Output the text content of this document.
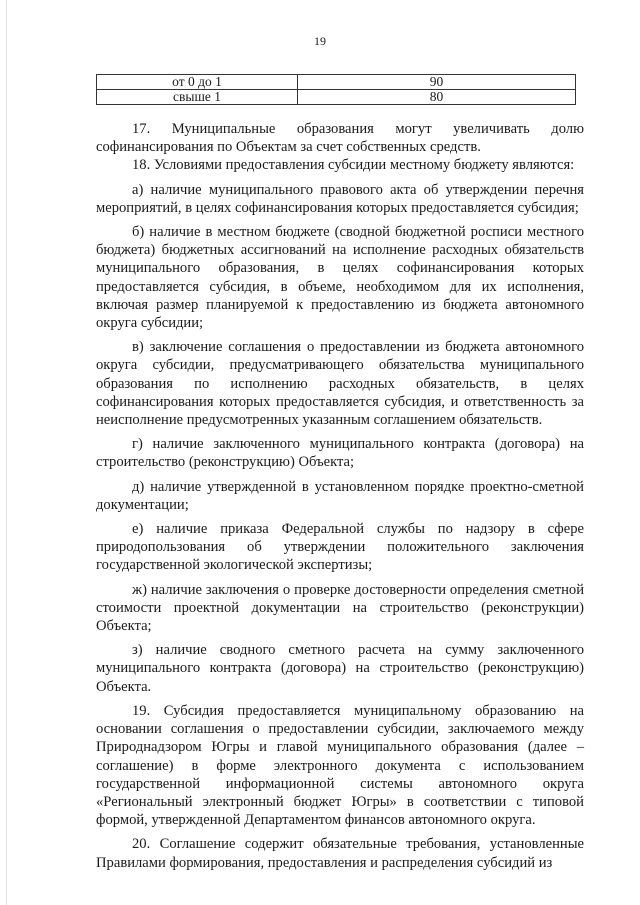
19
от 0 до 1	90
свыше 1	80

17. Муниципальные образования могут увеличивать долю софинансирования по Объектам за счет собственных средств.

18. Условиями предоставления субсидии местному бюджету являются:

а) наличие муниципального правового акта об утверждении перечня мероприятий, в целях софинансирования которых предоставляется субсидия;

б) наличие в местном бюджете (сводной бюджетной росписи местного бюджета) бюджетных ассигнований на исполнение расходных обязательств муниципального образования, в целях софинансирования которых предоставляется субсидия, в объеме, необходимом для их исполнения, включая размер планируемой к предоставлению из бюджета автономного округа субсидии;

в) заключение соглашения о предоставлении из бюджета автономного округа субсидии, предусматривающего обязательства муниципального образования по исполнению расходных обязательств, в целях софинансирования которых предоставляется субсидия, и ответственность за неисполнение предусмотренных указанным соглашением обязательств.

г) наличие заключенного муниципального контракта (договора) на строительство (реконструкцию) Объекта;

д) наличие утвержденной в установленном порядке проектно-сметной документации;

е) наличие приказа Федеральной службы по надзору в сфере природопользования об утверждении положительного заключения государственной экологической экспертизы;

ж) наличие заключения о проверке достоверности определения сметной стоимости проектной документации на строительство (реконструкции) Объекта;

з) наличие сводного сметного расчета на сумму заключенного муниципального контракта (договора) на строительство (реконструкцию) Объекта.

19. Субсидия предоставляется муниципальному образованию на основании соглашения о предоставлении субсидии, заключаемого между Природнадзором Югры и главой муниципального образования (далее – соглашение) в форме электронного документа с использованием государственной информационной системы автономного округа «Региональный электронный бюджет Югры» в соответствии с типовой формой, утвержденной Департаментом финансов автономного округа.

20. Соглашение содержит обязательные требования, установленные Правилами формирования, предоставления и распределения субсидий из
